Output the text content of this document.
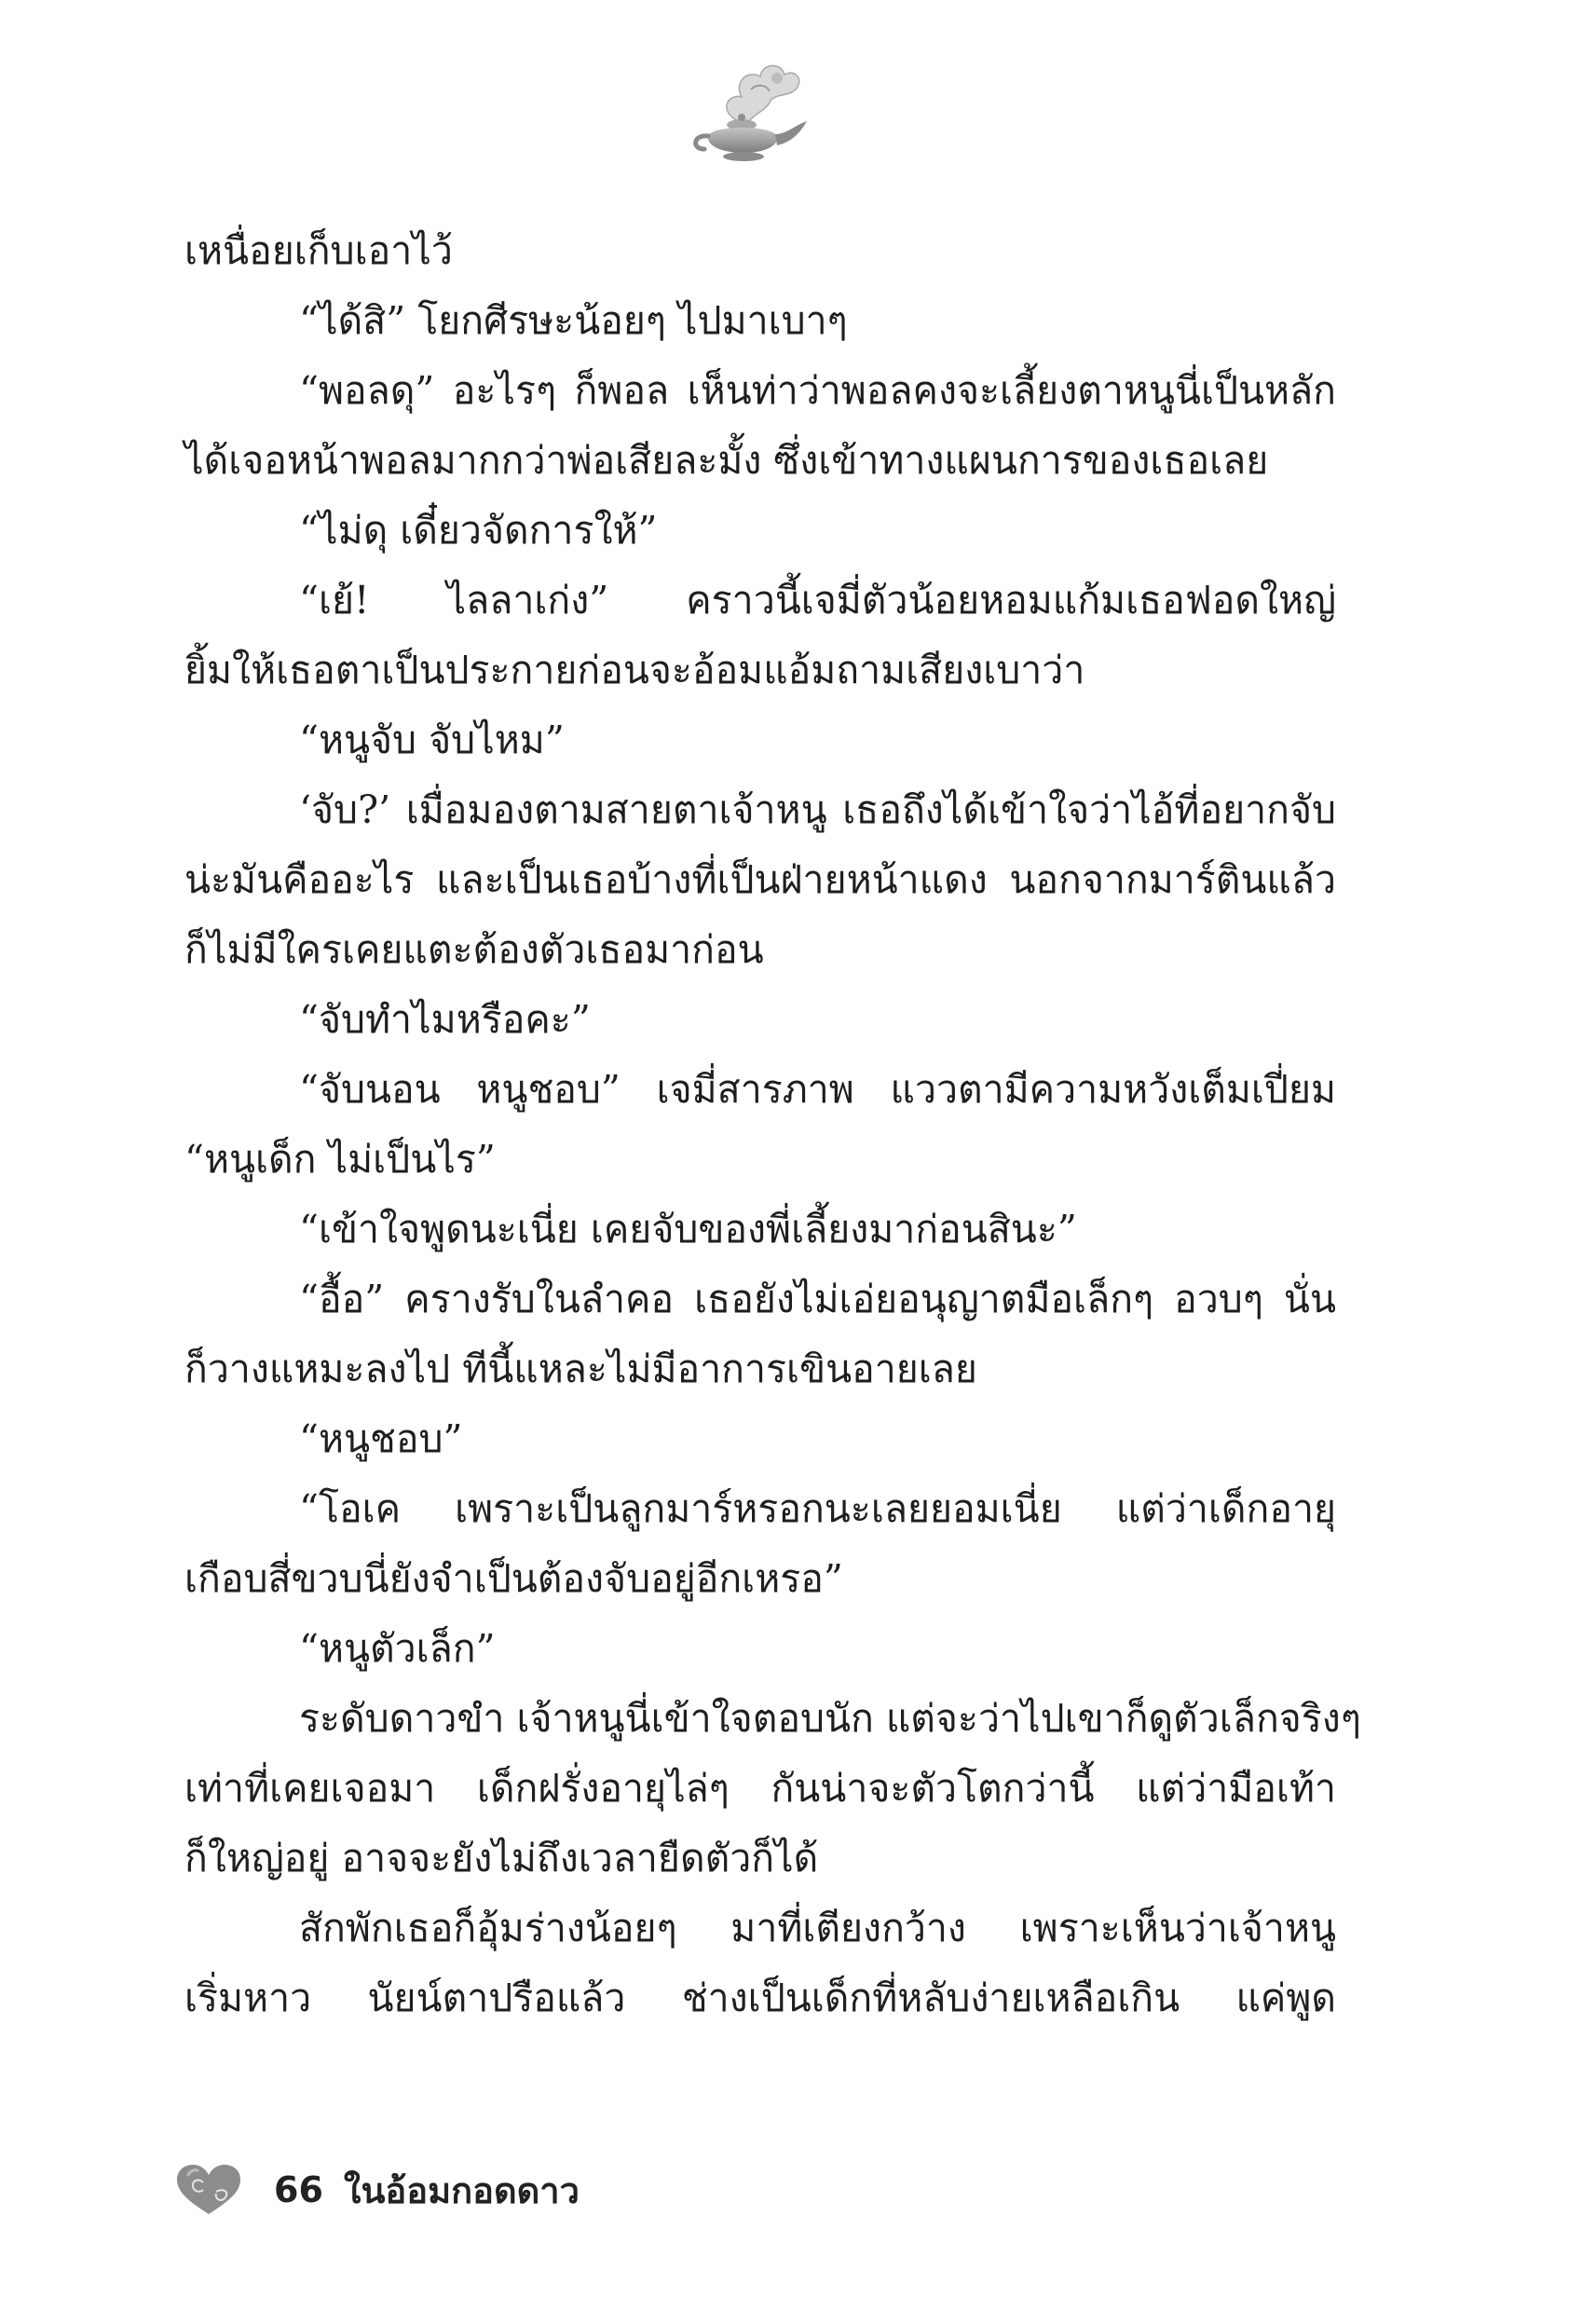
เหนื่อยเก็บเอาไว้
“ได้สิ” โยกศีรษะน้อยๆ ไปมาเบาๆ
“พอลดุ” อะไรๆ ก็พอล เห็นท่าว่าพอลคงจะเลี้ยงตาหนูนี่เป็นหลัก
ได้เจอหน้าพอลมากกว่าพ่อเสียละมั้ง ซึ่งเข้าทางแผนการของเธอเลย
“ไม่ดุ เดี๋ยวจัดการให้”
“เย้! ไลลาเก่ง” คราวนี้เจมี่ตัวน้อยหอมแก้มเธอฟอดใหญ่
ยิ้มให้เธอตาเป็นประกายก่อนจะอ้อมแอ้มถามเสียงเบาว่า
“หนูจับ จับไหม”
‘จับ?’ เมื่อมองตามสายตาเจ้าหนู เธอถึงได้เข้าใจว่าไอ้ที่อยากจับ
น่ะมันคืออะไร และเป็นเธอบ้างที่เป็นฝ่ายหน้าแดง นอกจากมาร์ตินแล้ว
ก็ไม่มีใครเคยแตะต้องตัวเธอมาก่อน
“จับทำไมหรือคะ”
“จับนอน หนูชอบ” เจมี่สารภาพ แววตามีความหวังเต็มเปี่ยม
“หนูเด็ก ไม่เป็นไร”
“เข้าใจพูดนะเนี่ย เคยจับของพี่เลี้ยงมาก่อนสินะ”
“อื้อ” ครางรับในลำคอ เธอยังไม่เอ่ยอนุญาตมือเล็กๆ อวบๆ นั่น
ก็วางแหมะลงไป ทีนี้แหละไม่มีอาการเขินอายเลย
“หนูชอบ”
“โอเค เพราะเป็นลูกมาร์หรอกนะเลยยอมเนี่ย แต่ว่าเด็กอายุ
เกือบสี่ขวบนี่ยังจำเป็นต้องจับอยู่อีกเหรอ”
“หนูตัวเล็ก”
ระดับดาวขำ เจ้าหนูนี่เข้าใจตอบนัก แต่จะว่าไปเขาก็ดูตัวเล็กจริงๆ
เท่าที่เคยเจอมา เด็กฝรั่งอายุไล่ๆ กันน่าจะตัวโตกว่านี้ แต่ว่ามือเท้า
ก็ใหญ่อยู่ อาจจะยังไม่ถึงเวลายืดตัวก็ได้
สักพักเธอก็อุ้มร่างน้อยๆ มาที่เตียงกว้าง เพราะเห็นว่าเจ้าหนู
เริ่มหาว นัยน์ตาปรือแล้ว ช่างเป็นเด็กที่หลับง่ายเหลือเกิน แค่พูด
66 ในอ้อมกอดดาว
